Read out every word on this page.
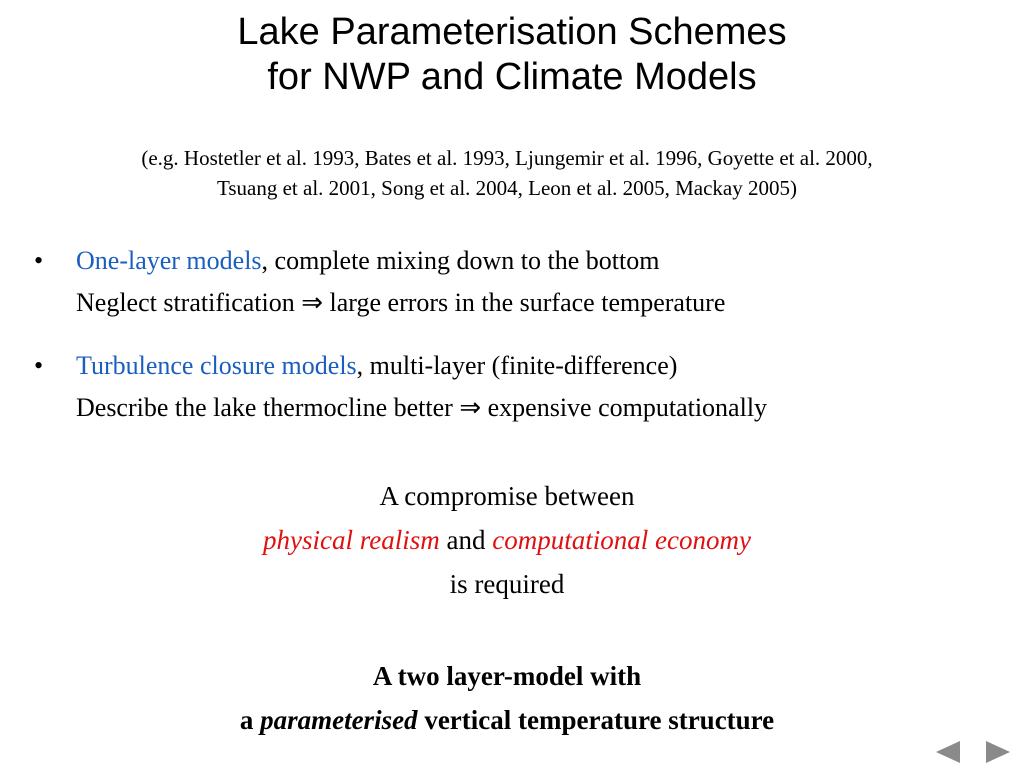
Lake Parameterisation Schemes
for NWP and Climate Models
(e.g. Hostetler et al. 1993, Bates et al. 1993, Ljungemir et al. 1996, Goyette et al. 2000,
Tsuang et al. 2001, Song et al. 2004, Leon et al. 2005, Mackay 2005)
•	One-layer models, complete mixing down to the bottom
Neglect stratification ⇒ large errors in the surface temperature
•	Turbulence closure models, multi-layer (finite-difference)
Describe the lake thermocline better ⇒ expensive computationally
A compromise between
physical realism and computational economy
is required
A two layer-model with
a parameterised vertical temperature structure
